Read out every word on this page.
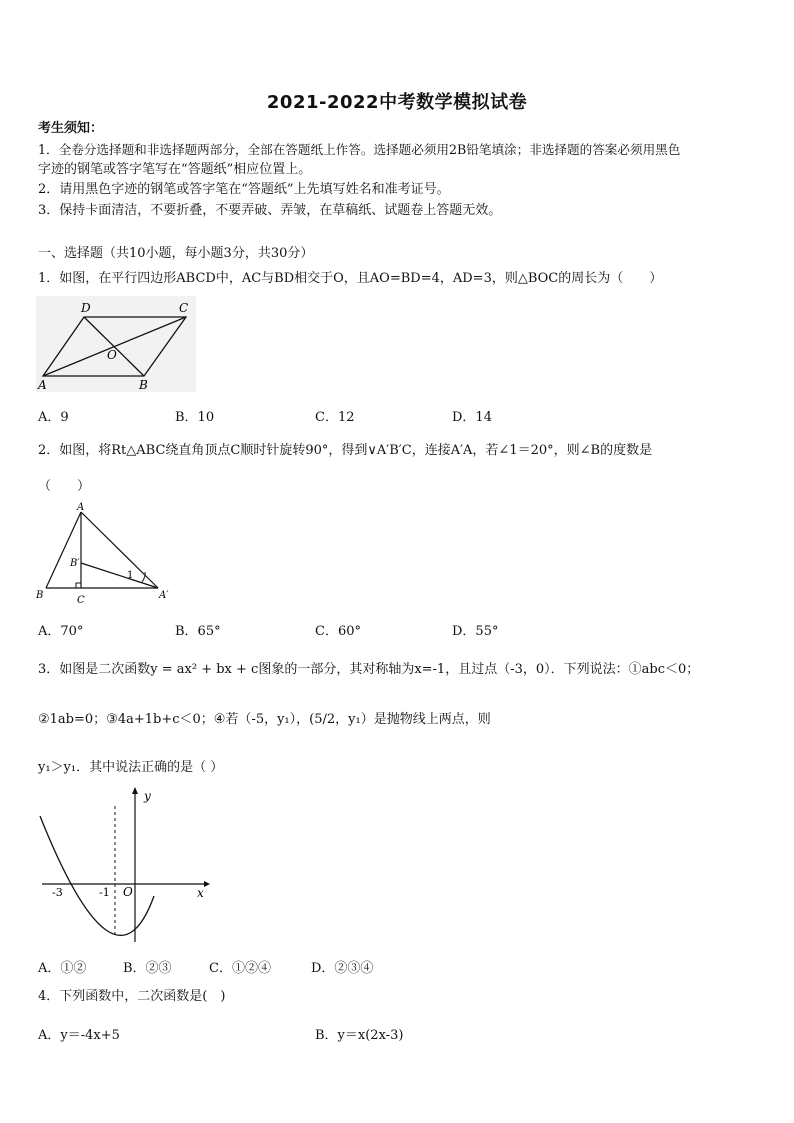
2021-2022中考数学模拟试卷
考生须知：
1．全卷分选择题和非选择题两部分，全部在答题纸上作答。选择题必须用2B铅笔填涂；非选择题的答案必须用黑色
字迹的钢笔或答字笔写在“答题纸”相应位置上。
2．请用黑色字迹的钢笔或答字笔在“答题纸”上先填写姓名和准考证号。
3．保持卡面清洁，不要折叠，不要弄破、弄皱，在草稿纸、试题卷上答题无效。
一、选择题（共10小题，每小题3分，共30分）
1．如图，在平行四边形ABCD中，AC与BD相交于O，且AO=BD=4，AD=3，则△BOC的周长为（　　）
A	B
C
D
O
A．9	B．10	C．12	D．14
2．如图，将Rt△ABC绕直角顶点C顺时针旋转90°，得到∨A′B′C，连接A′A，若∠1＝20°，则∠B的度数是
（　　）
A
B	C
B′
A′
1
A．70°	B．65°	C．60°	D．55°
3．如图是二次函数y = ax² + bx + c图象的一部分，其对称轴为x=-1，且过点（-3，0）．下列说法：①abc＜0；
②1ab=0；③4a+1b+c＜0；④若（-5，y₁），(5/2，y₁）是抛物线上两点，则
y₁＞y₁．其中说法正确的是（ ）
y
x
O
-3	-1
A．①②	B．②③	C．①②④	D．②③④
4．下列函数中，二次函数是(　)
A．y＝-4x+5	B．y＝x(2x-3)
